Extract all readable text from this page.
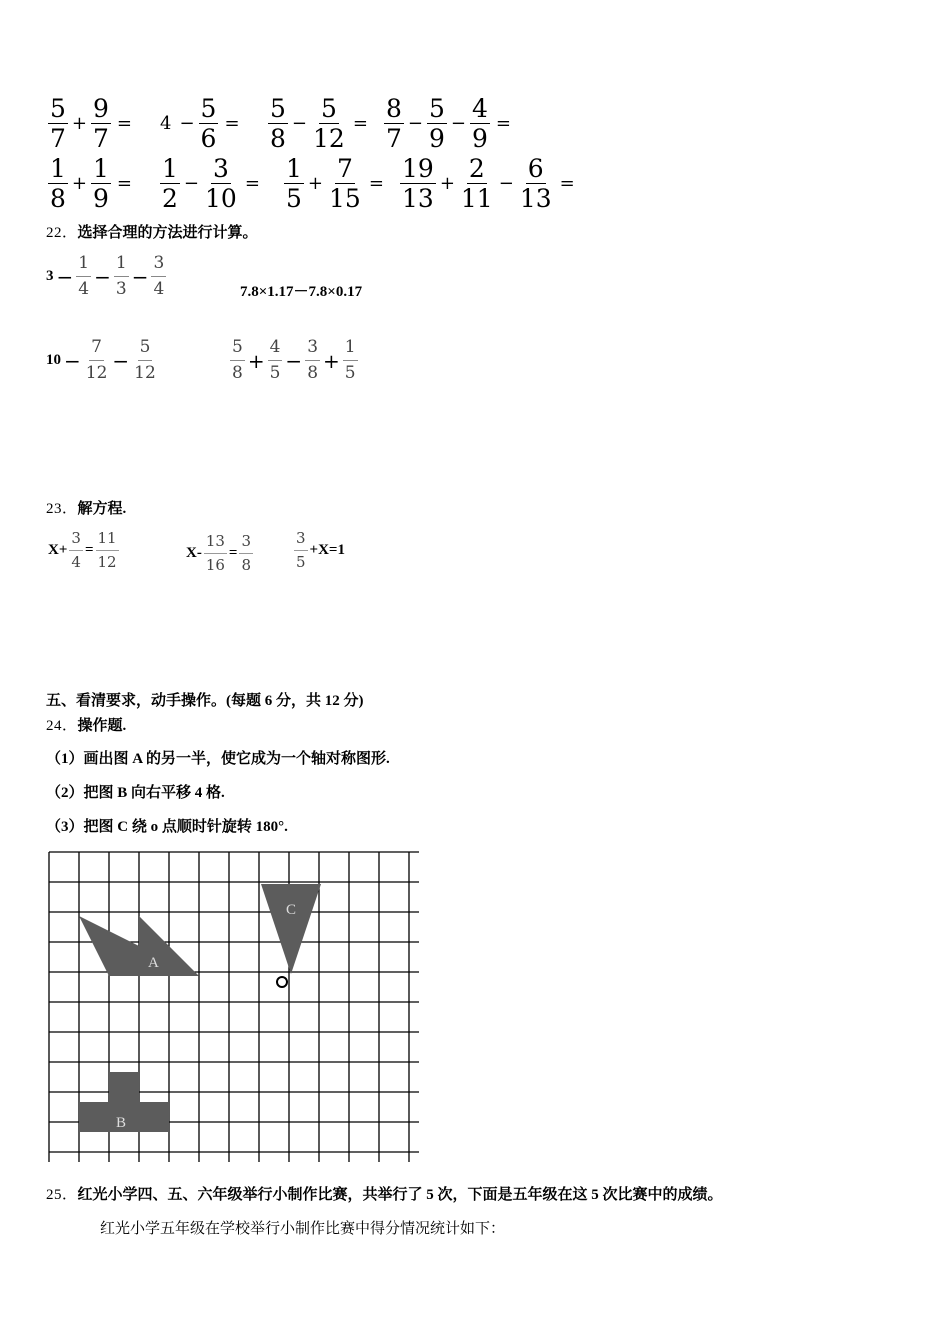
$\frac{5}{7} + \frac{9}{7} = 4 - \frac{5}{6} = \frac{5}{8} - \frac{5}{12} = \frac{8}{7} - \frac{5}{9} - \frac{4}{9}$ =
$\frac{1}{8} + \frac{1}{9} = \frac{1}{2} - \frac{3}{10} = \frac{1}{5} + \frac{7}{15} = \frac{19}{13} + \frac{2}{11} - \frac{6}{13}$ =
22．选择合理的方法进行计算。
$3 - \frac{1}{4} - \frac{1}{3} - \frac{3}{4}$	7.8×1.17－7.8×0.17
$10 - \frac{7}{12} - \frac{5}{12}$	$\frac{5}{8} + \frac{4}{5} - \frac{3}{8} + \frac{1}{5}$
23．解方程.
$X+ \frac{3}{4} = \frac{11}{12}$	$X- \frac{13}{16} = \frac{3}{8}$	$\frac{3}{5} +X=1$
五、看清要求，动手操作。(每题 6 分，共 12 分)
24．操作题.
（1）画出图 A 的另一半，使它成为一个轴对称图形.
（2）把图 B 向右平移 4 格.
（3）把图 C 绕 o 点顺时针旋转 180°.
A
C
B
25．红光小学四、五、六年级举行小制作比赛，共举行了 5 次，下面是五年级在这 5 次比赛中的成绩。
红光小学五年级在学校举行小制作比赛中得分情况统计如下：
